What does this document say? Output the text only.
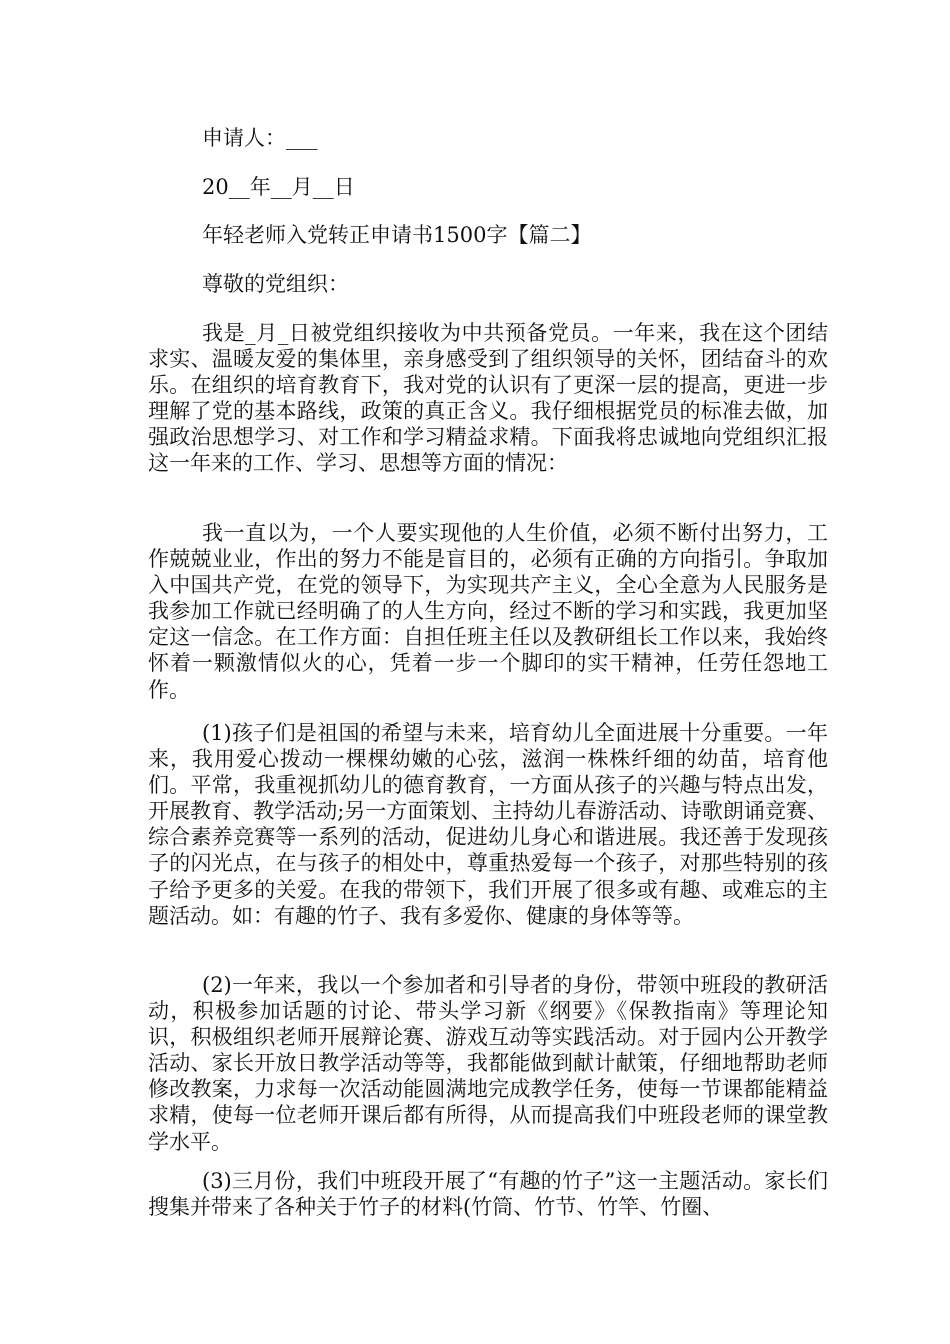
申请人：___
20__年__月__日
年轻老师入党转正申请书1500字【篇二】
尊敬的党组织：
我是_月_日被党组织接收为中共预备党员。一年来，我在这个团结求实、温暖友爱的集体里，亲身感受到了组织领导的关怀，团结奋斗的欢乐。在组织的培育教育下，我对党的认识有了更深一层的提高，更进一步理解了党的基本路线，政策的真正含义。我仔细根据党员的标准去做，加强政治思想学习、对工作和学习精益求精。下面我将忠诚地向党组织汇报这一年来的工作、学习、思想等方面的情况：
我一直以为，一个人要实现他的人生价值，必须不断付出努力，工作兢兢业业，作出的努力不能是盲目的，必须有正确的方向指引。争取加入中国共产党，在党的领导下，为实现共产主义，全心全意为人民服务是我参加工作就已经明确了的人生方向，经过不断的学习和实践，我更加坚定这一信念。在工作方面：自担任班主任以及教研组长工作以来，我始终怀着一颗激情似火的心，凭着一步一个脚印的实干精神，任劳任怨地工作。
(1)孩子们是祖国的希望与未来，培育幼儿全面进展十分重要。一年来，我用爱心拨动一棵棵幼嫩的心弦，滋润一株株纤细的幼苗，培育他们。平常，我重视抓幼儿的德育教育，一方面从孩子的兴趣与特点出发，开展教育、教学活动;另一方面策划、主持幼儿春游活动、诗歌朗诵竞赛、综合素养竞赛等一系列的活动，促进幼儿身心和谐进展。我还善于发现孩子的闪光点，在与孩子的相处中，尊重热爱每一个孩子，对那些特别的孩子给予更多的关爱。在我的带领下，我们开展了很多或有趣、或难忘的主题活动。如：有趣的竹子、我有多爱你、健康的身体等等。
(2)一年来，我以一个参加者和引导者的身份，带领中班段的教研活动，积极参加话题的讨论、带头学习新《纲要》《保教指南》等理论知识，积极组织老师开展辩论赛、游戏互动等实践活动。对于园内公开教学活动、家长开放日教学活动等等，我都能做到献计献策，仔细地帮助老师修改教案，力求每一次活动能圆满地完成教学任务，使每一节课都能精益求精，使每一位老师开课后都有所得，从而提高我们中班段老师的课堂教学水平。
(3)三月份，我们中班段开展了“有趣的竹子”这一主题活动。家长们搜集并带来了各种关于竹子的材料(竹筒、竹节、竹竿、竹圈、
